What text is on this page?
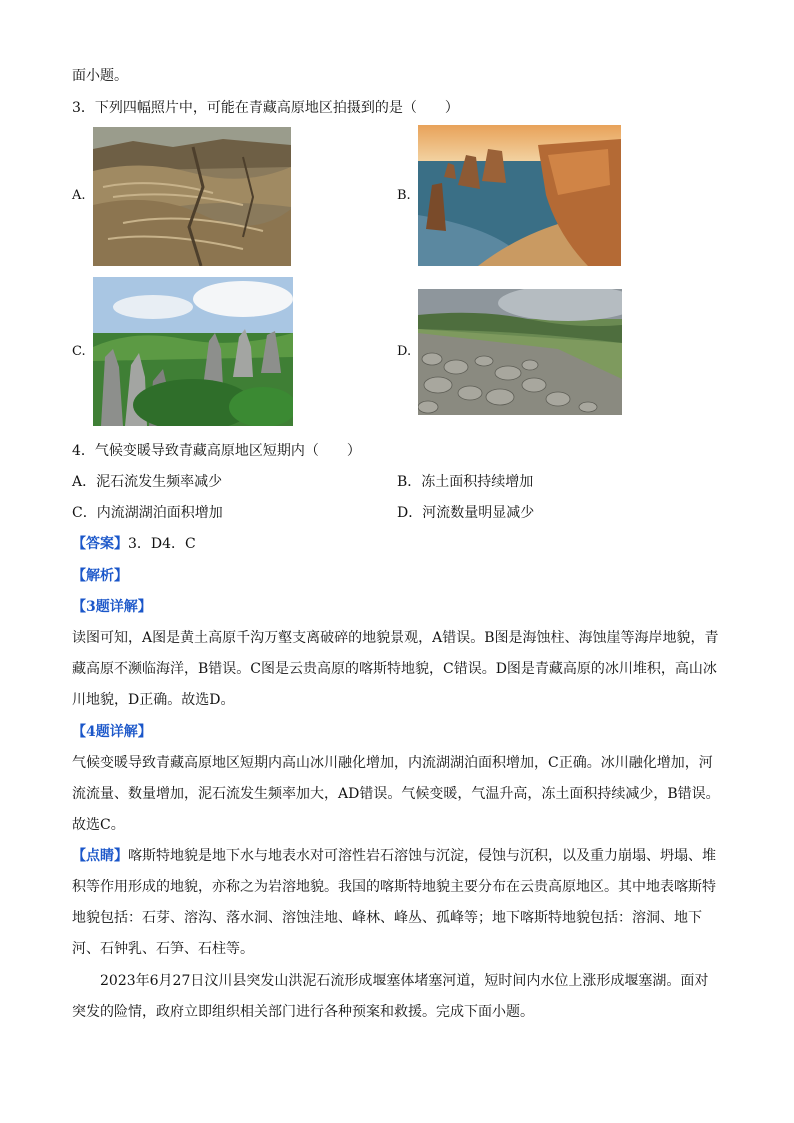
面小题。
3．下列四幅照片中，可能在青藏高原地区拍摄到的是（　　）
A.	B.
C.	D.
4．气候变暖导致青藏高原地区短期内（　　）
A．泥石流发生频率减少	B．冻土面积持续增加
C．内流湖湖泊面积增加	D．河流数量明显减少
【答案】3．D4．C
【解析】
【3题详解】
读图可知，A图是黄土高原千沟万壑支离破碎的地貌景观，A错误。B图是海蚀柱、海蚀崖等海岸地貌，青藏高原不濒临海洋，B错误。C图是云贵高原的喀斯特地貌，C错误。D图是青藏高原的冰川堆积，高山冰川地貌，D正确。故选D。
【4题详解】
气候变暖导致青藏高原地区短期内高山冰川融化增加，内流湖湖泊面积增加，C正确。冰川融化增加，河流流量、数量增加，泥石流发生频率加大，AD错误。气候变暖，气温升高，冻土面积持续减少，B错误。故选C。
【点睛】喀斯特地貌是地下水与地表水对可溶性岩石溶蚀与沉淀，侵蚀与沉积，以及重力崩塌、坍塌、堆积等作用形成的地貌，亦称之为岩溶地貌。我国的喀斯特地貌主要分布在云贵高原地区。其中地表喀斯特地貌包括：石芽、溶沟、落水洞、溶蚀洼地、峰林、峰丛、孤峰等；地下喀斯特地貌包括：溶洞、地下河、石钟乳、石笋、石柱等。
2023年6月27日汶川县突发山洪泥石流形成堰塞体堵塞河道，短时间内水位上涨形成堰塞湖。面对突发的险情，政府立即组织相关部门进行各种预案和救援。完成下面小题。
